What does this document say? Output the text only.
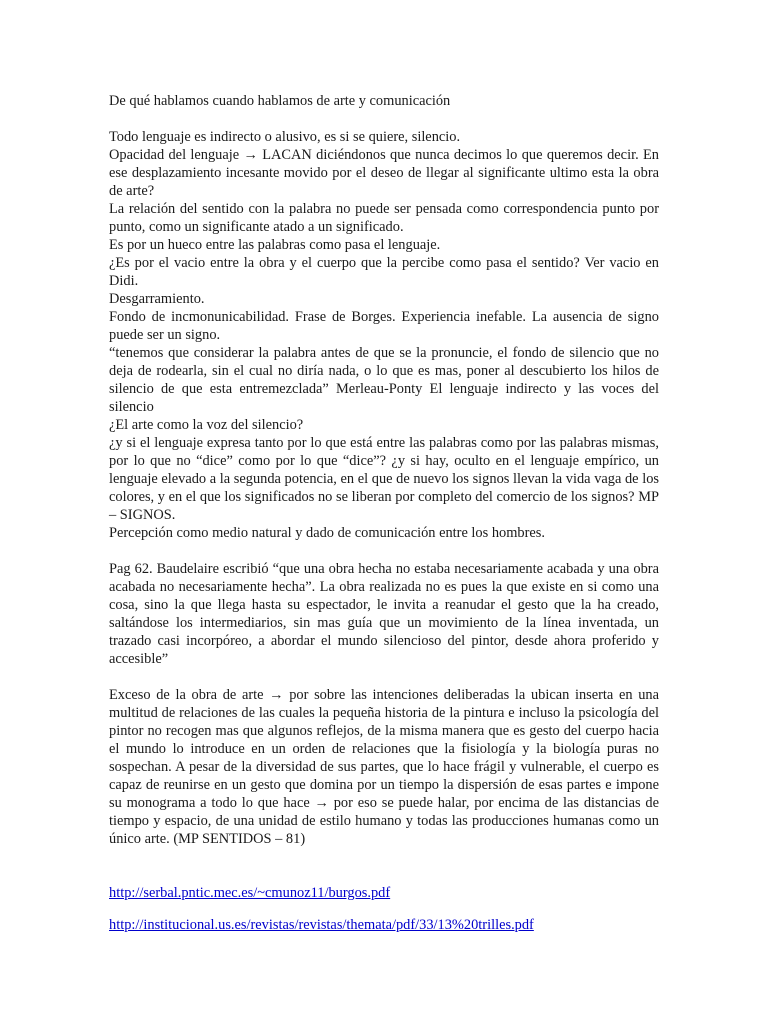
De qué hablamos cuando hablamos de arte y comunicación

Todo lenguaje es indirecto o alusivo, es si se quiere, silencio.

Opacidad del lenguaje → LACAN diciéndonos que nunca decimos lo que queremos decir. En ese desplazamiento incesante movido por el deseo de llegar al significante ultimo esta la obra de arte?

La relación del sentido con la palabra no puede ser pensada como correspondencia punto por punto, como un significante atado a un significado.

Es por un hueco entre las palabras como pasa el lenguaje.

¿Es por el vacio entre la obra y el cuerpo que la percibe como pasa el sentido? Ver vacio en Didi.

Desgarramiento.

Fondo de incmonunicabilidad. Frase de Borges. Experiencia inefable. La ausencia de signo puede ser un signo.

“tenemos que considerar la palabra antes de que se la pronuncie, el fondo de silencio que no deja de rodearla, sin el cual no diría nada, o lo que es mas, poner al descubierto los hilos de silencio de que esta entremezclada” Merleau-Ponty El lenguaje indirecto y las voces del silencio

¿El arte como la voz del silencio?

¿y si el lenguaje expresa tanto por lo que está entre las palabras como por las palabras mismas, por lo que no “dice” como por lo que “dice”? ¿y si hay, oculto en el lenguaje empírico, un lenguaje elevado a la segunda potencia, en el que de nuevo los signos llevan la vida vaga de los colores, y en el que los significados no se liberan por completo del comercio de los signos? MP – SIGNOS.

Percepción como medio natural y dado de comunicación entre los hombres.

Pag 62. Baudelaire escribió “que una obra hecha no estaba necesariamente acabada y una obra acabada no necesariamente hecha”. La obra realizada no es pues la que existe en si como una cosa, sino la que llega hasta su espectador, le invita a reanudar el gesto que la ha creado, saltándose los intermediarios, sin mas guía que un movimiento de la línea inventada, un trazado casi incorpóreo, a abordar el mundo silencioso del pintor, desde ahora proferido y accesible”

Exceso de la obra de arte → por sobre las intenciones deliberadas la ubican inserta en una multitud de relaciones de las cuales la pequeña historia de la pintura e incluso la psicología del pintor no recogen mas que algunos reflejos, de la misma manera que es gesto del cuerpo hacia el mundo lo introduce en un orden de relaciones que la fisiología y la biología puras no sospechan. A pesar de la diversidad de sus partes, que lo hace frágil y vulnerable, el cuerpo es capaz de reunirse en un gesto que domina por un tiempo la dispersión de esas partes e impone su monograma a todo lo que hace → por eso se puede halar, por encima de las distancias de tiempo y espacio, de una unidad de estilo humano y todas las producciones humanas como un único arte. (MP SENTIDOS – 81)

http://serbal.pntic.mec.es/~cmunoz11/burgos.pdf
http://institucional.us.es/revistas/revistas/themata/pdf/33/13%20trilles.pdf
